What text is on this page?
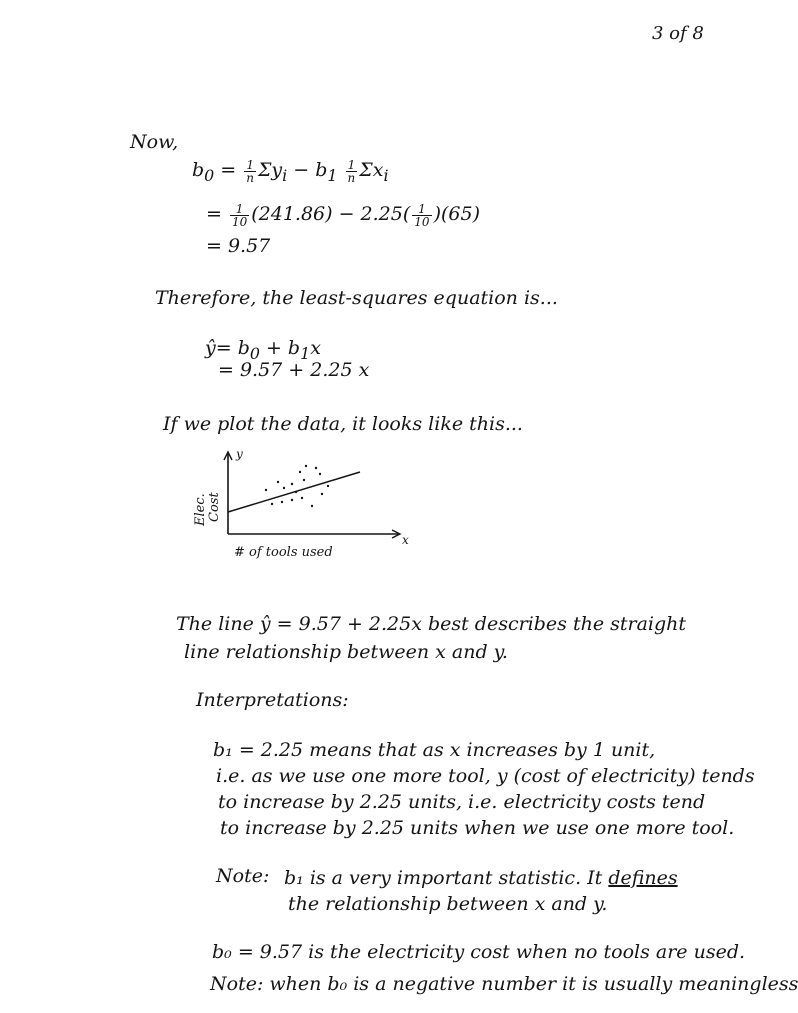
3 of 8
Now,
$b_0 = \frac{1}{n} \Sigma y_i - b_1 \frac{1}{n} \Sigma x_i$
= $\frac{1}{10} (241.86) - 2.25( \frac{1}{10} )(65)$
= 9.57
Therefore, the least-squares equation is...
ŷ= $b_0 + b_1x$
= 9.57 + 2.25 x
If we plot the data, it looks like this...
y
x
Elec. Cost
# of tools used
The line ŷ = 9.57 + 2.25x best describes the straight
line relationship between x and y.
Interpretations:
b₁ = 2.25 means that as x increases by 1 unit,
i.e. as we use one more tool, y (cost of electricity) tends
to increase by 2.25 units, i.e. electricity costs tend
to increase by 2.25 units when we use one more tool.
Note: b₁ is a very important statistic. It defines
the relationship between x and y.
b₀ = 9.57 is the electricity cost when no tools are used.
Note: when b₀ is a negative number it is usually meaningless
